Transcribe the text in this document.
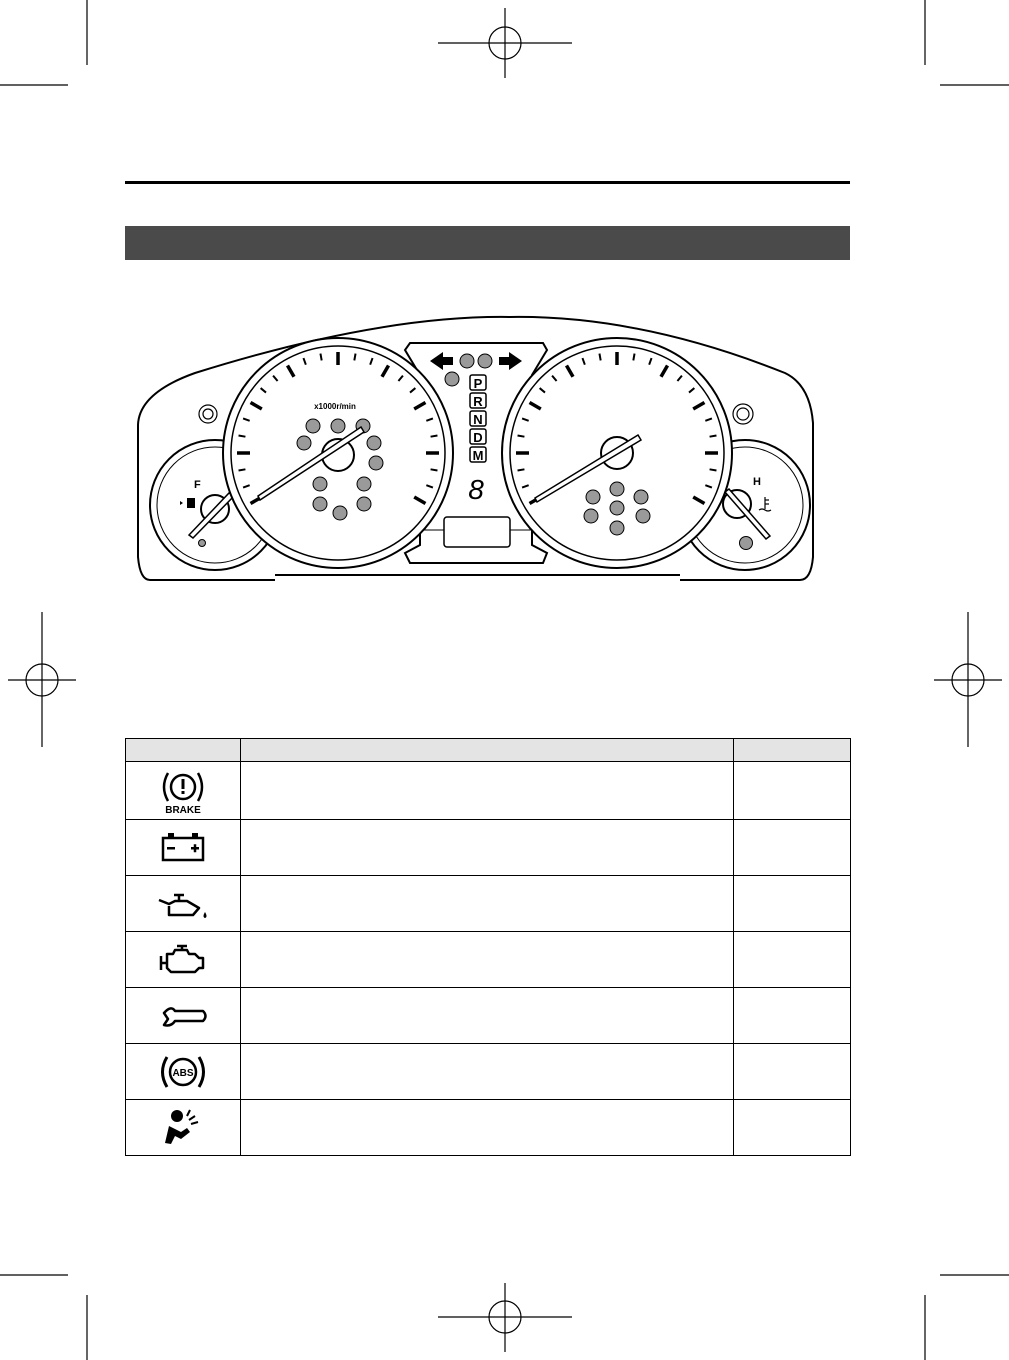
P
R
N
D
M
8
F	H
x1000r/min

BRAKE		

ABS		
